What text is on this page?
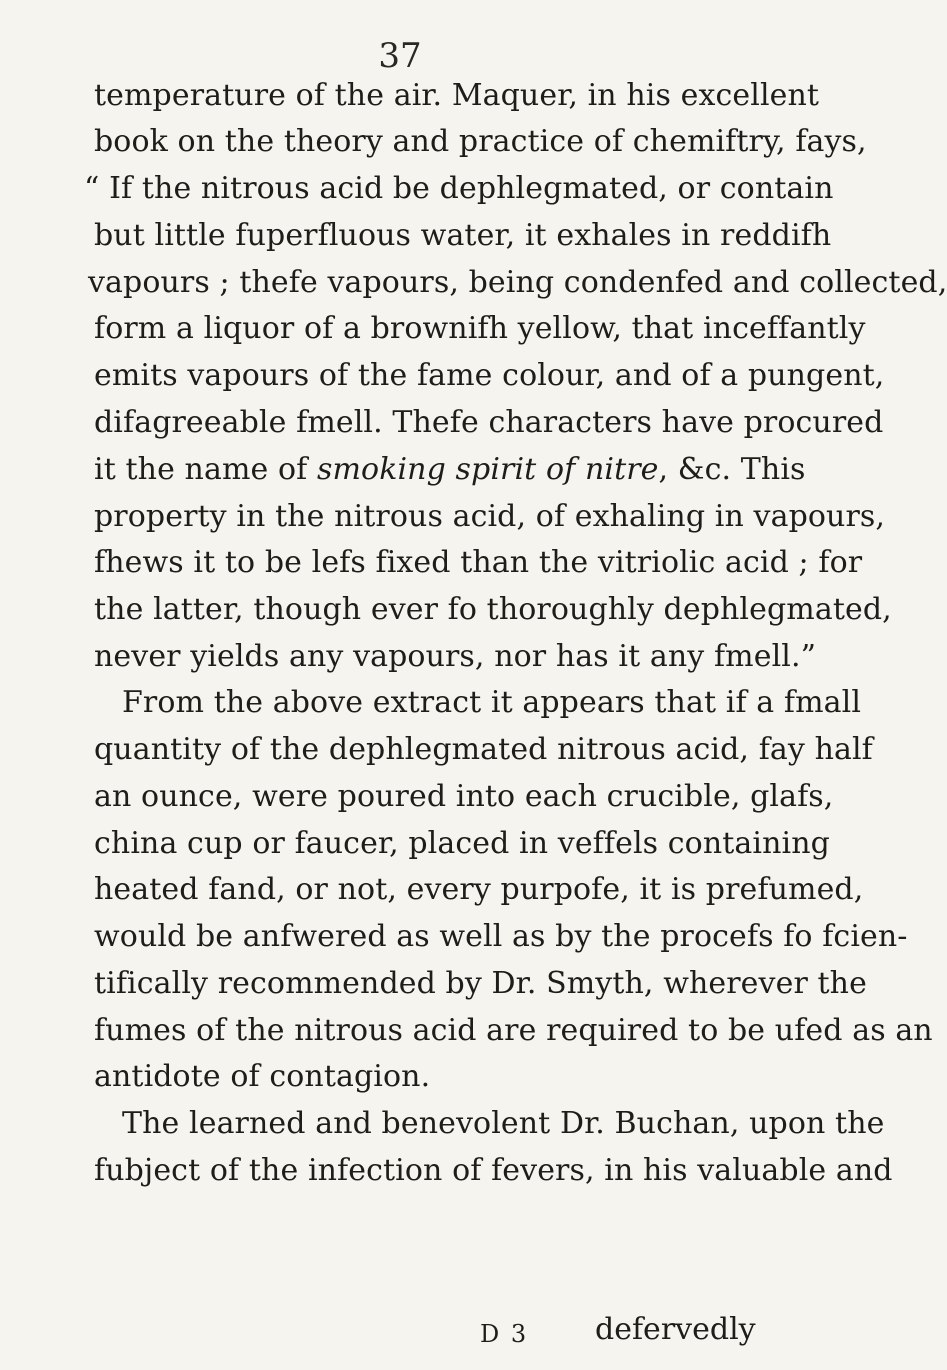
37
temperature of the air. Maquer, in his excellent
book on the theory and practice of chemiftry, fays,
“ If the nitrous acid be dephlegmated, or contain
but little fuperfluous water, it exhales in reddifh
vapours ; thefe vapours, being condenfed and collected,
form a liquor of a brownifh yellow, that inceffantly
emits vapours of the fame colour, and of a pungent,
difagreeable fmell. Thefe characters have procured
it the name of smoking spirit of nitre, &c. This
property in the nitrous acid, of exhaling in vapours,
fhews it to be lefs fixed than the vitriolic acid ; for
the latter, though ever fo thoroughly dephlegmated,
never yields any vapours, nor has it any fmell.”
From the above extract it appears that if a fmall
quantity of the dephlegmated nitrous acid, fay half
an ounce, were poured into each crucible, glafs,
china cup or faucer, placed in veffels containing
heated fand, or not, every purpofe, it is prefumed,
would be anfwered as well as by the procefs fo fcien-
tifically recommended by Dr. Smyth, wherever the
fumes of the nitrous acid are required to be ufed as an
antidote of contagion.
The learned and benevolent Dr. Buchan, upon the
fubject of the infection of fevers, in his valuable and
D 3 defervedly
